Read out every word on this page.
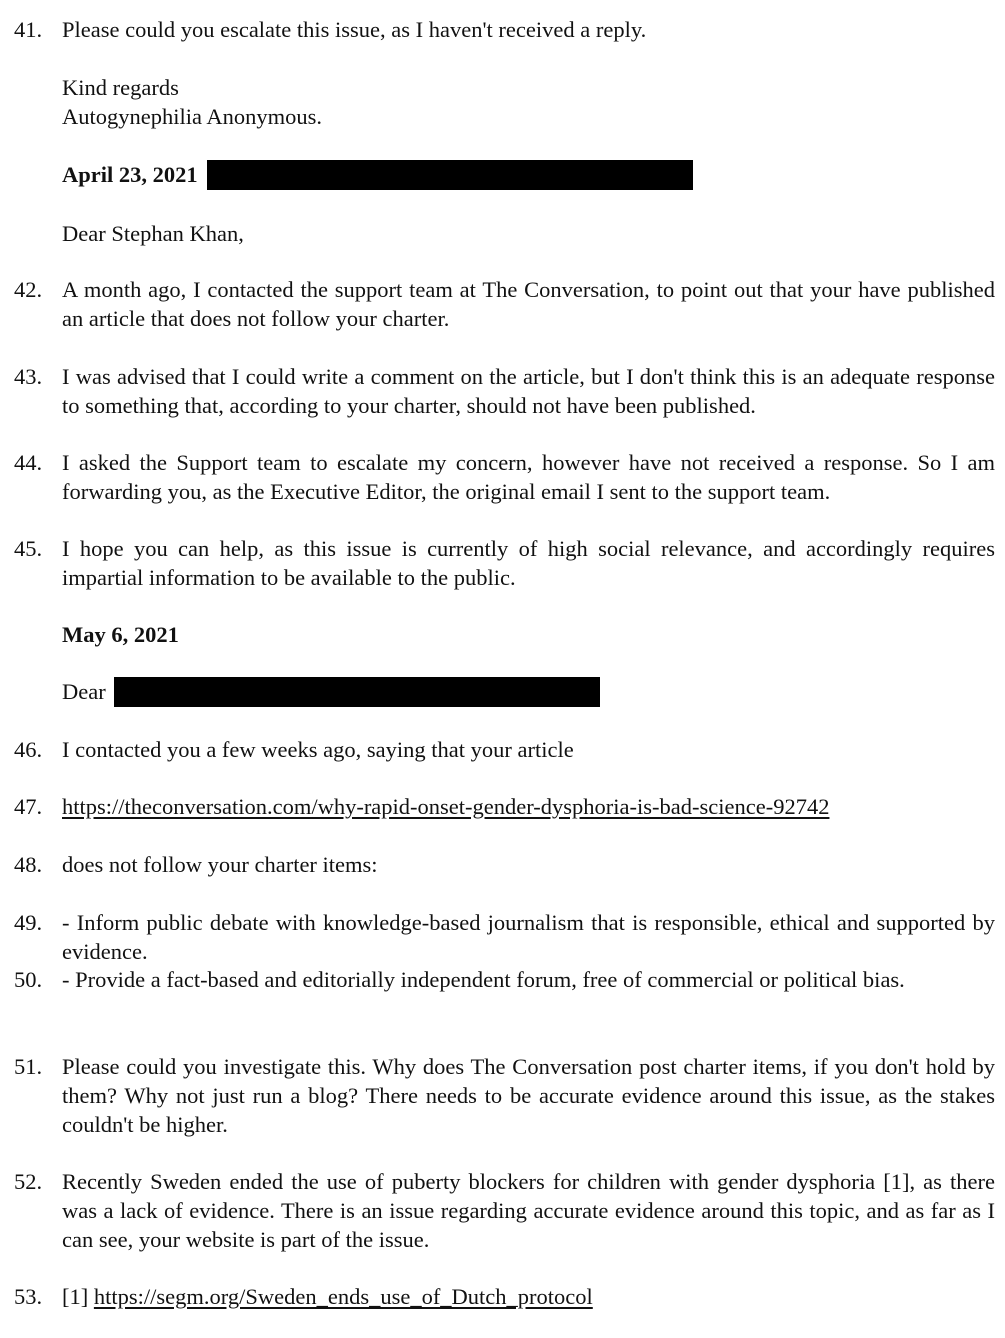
41. Please could you escalate this issue, as I haven't received a reply.
Kind regards
Autogynephilia Anonymous.
April 23, 2021
Dear Stephan Khan,
42. A month ago, I contacted the support team at The Conversation, to point out that your have published an article that does not follow your charter.
43. I was advised that I could write a comment on the article, but I don't think this is an adequate response to something that, according to your charter, should not have been published.
44. I asked the Support team to escalate my concern, however have not received a response. So I am forwarding you, as the Executive Editor, the original email I sent to the support team.
45. I hope you can help, as this issue is currently of high social relevance, and accordingly requires impartial information to be available to the public.
May 6, 2021
Dear
46. I contacted you a few weeks ago, saying that your article
47. https://theconversation.com/why-rapid-onset-gender-dysphoria-is-bad-science-92742
48. does not follow your charter items:
49. - Inform public debate with knowledge-based journalism that is responsible, ethical and supported by evidence.
50. - Provide a fact-based and editorially independent forum, free of commercial or political bias.
51. Please could you investigate this. Why does The Conversation post charter items, if you don't hold by them? Why not just run a blog? There needs to be accurate evidence around this issue, as the stakes couldn't be higher.
52. Recently Sweden ended the use of puberty blockers for children with gender dysphoria [1], as there was a lack of evidence. There is an issue regarding accurate evidence around this topic, and as far as I can see, your website is part of the issue.
53. [1] https://segm.org/Sweden_ends_use_of_Dutch_protocol
